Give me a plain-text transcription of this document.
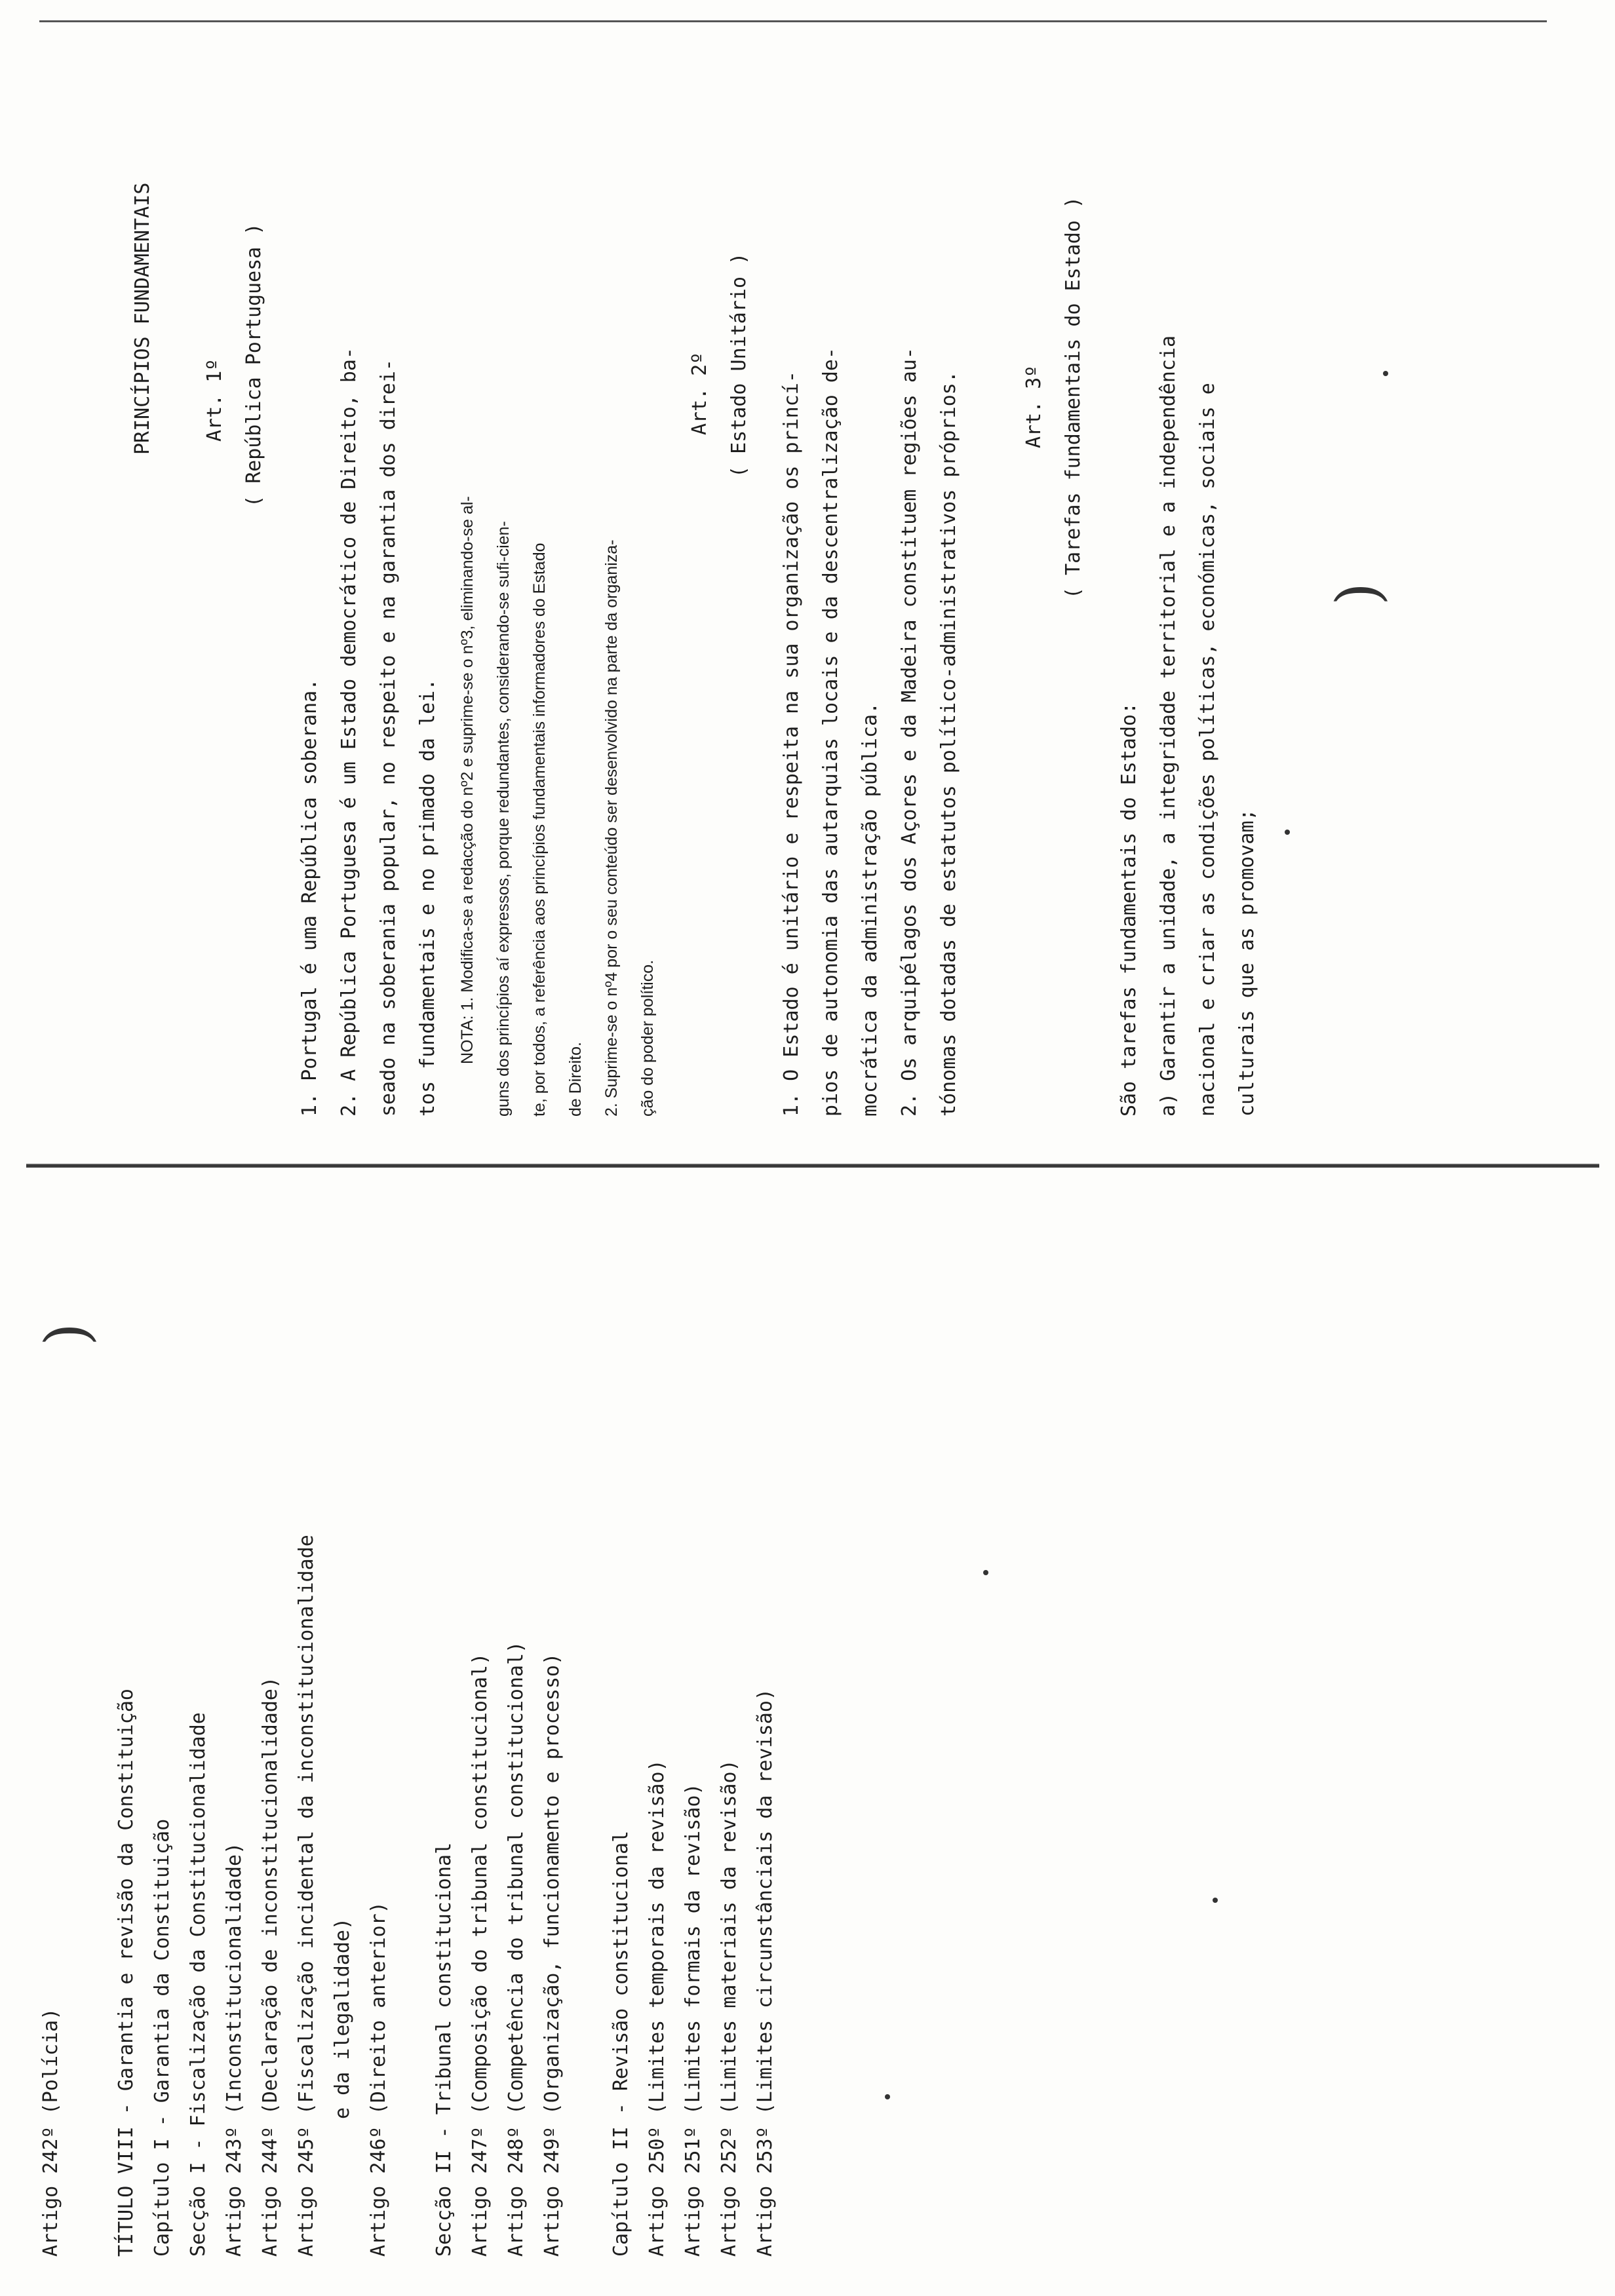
Artigo 242º (Polícia)	TÍTULO VIII - Garantia e revisão da Constituição Capítulo I - Garantia da Constituição Secção I - Fiscalização da Constitucionalidade Artigo 243º (Inconstitucionalidade) Artigo 244º (Declaração de inconstitucionalidade) Artigo 245º (Fiscalização incidental da inconstitucionalidade e da ilegalidade) Artigo 246º (Direito anterior) Secção II - Tribunal constitucional Artigo 247º (Composição do tribunal constitucional) Artigo 248º (Competência do tribunal constitucional) Artigo 249º (Organização, funcionamento e processo) Capítulo II - Revisão constitucional Artigo 250º (Limites temporais da revisão) Artigo 251º (Limites formais da revisão) Artigo 252º (Limites materiais da revisão) Artigo 253º (Limites circunstânciais da revisão)
)
PRINCÍPIOS FUNDAMENTAIS	Art. 1º ( República Portuguesa )
1. Portugal é uma República soberana. 2. A República Portuguesa é um Estado democrático de Direito, ba- seado na soberania popular, no respeito e na garantia dos direi- tos fundamentais e no primado da lei. NOTA: 1. Modifica-se a redacção do nº2 e suprime-se o nº3, eliminando-se al- guns dos princípios aí expressos, porque redundantes, considerando-se sufi-cien- te, por todos, a referência aos princípios fundamentais informadores do Estado de Direito. 2. Suprime-se o nº4 por o seu conteúdo ser desenvolvido na parte da organiza- ção do poder político.
Art. 2º ( Estado Unitário )
1. O Estado é unitário e respeita na sua organização os princí- pios de autonomia das autarquias locais e da descentralização de- mocrática da administração pública. 2. Os arquipélagos dos Açores e da Madeira constituem regiões au- tónomas dotadas de estatutos político-administrativos próprios.	Art. 3º ( Tarefas fundamentais do Estado )
São tarefas fundamentais do Estado: a) Garantir a unidade, a integridade territorial e a independência nacional e criar as condições políticas, económicas, sociais e culturais que as promovam;
)
